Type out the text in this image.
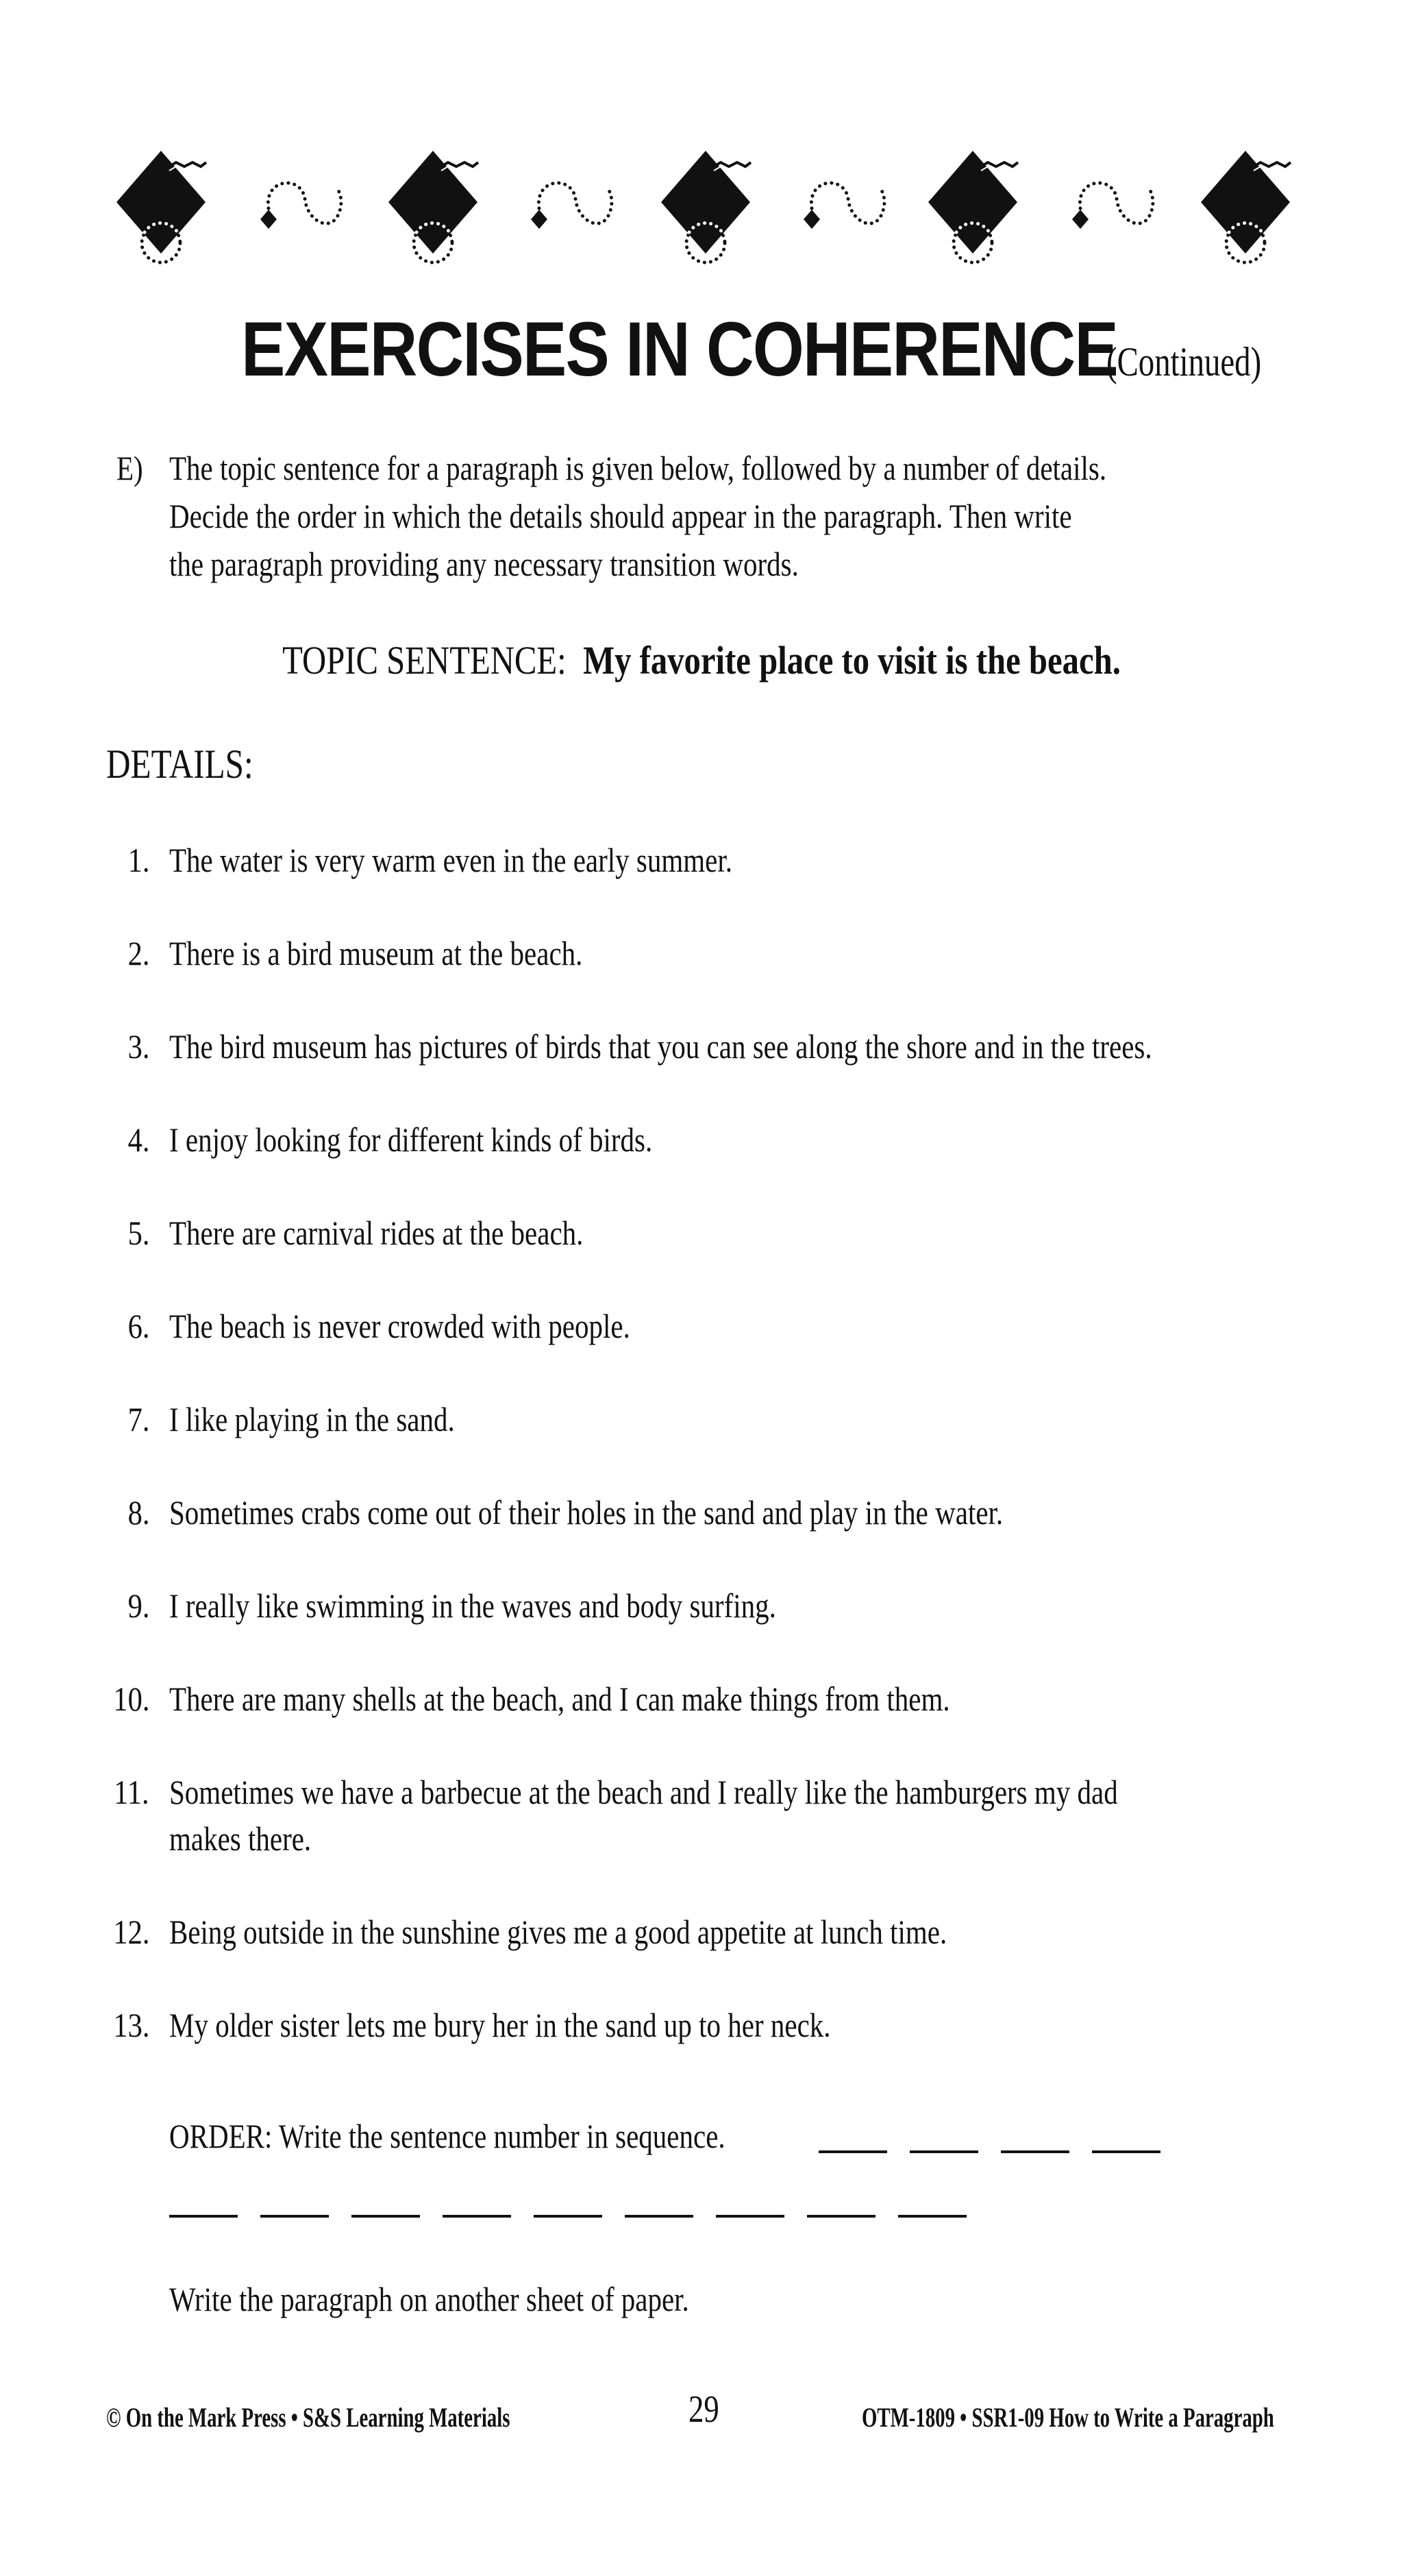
EXERCISES IN COHERENCE (Continued)
E) The topic sentence for a paragraph is given below, followed by a number of details.
Decide the order in which the details should appear in the paragraph. Then write
the paragraph providing any necessary transition words.
TOPIC SENTENCE: My favorite place to visit is the beach.
DETAILS:
1. The water is very warm even in the early summer.
2. There is a bird museum at the beach.
3. The bird museum has pictures of birds that you can see along the shore and in the trees.
4. I enjoy looking for different kinds of birds.
5. There are carnival rides at the beach.
6. The beach is never crowded with people.
7. I like playing in the sand.
8. Sometimes crabs come out of their holes in the sand and play in the water.
9. I really like swimming in the waves and body surfing.
10. There are many shells at the beach, and I can make things from them.
11. Sometimes we have a barbecue at the beach and I really like the hamburgers my dad
makes there.
12. Being outside in the sunshine gives me a good appetite at lunch time.
13. My older sister lets me bury her in the sand up to her neck.
ORDER: Write the sentence number in sequence.
Write the paragraph on another sheet of paper.
© On the Mark Press • S&S Learning Materials	29	OTM-1809 • SSR1-09 How to Write a Paragraph
